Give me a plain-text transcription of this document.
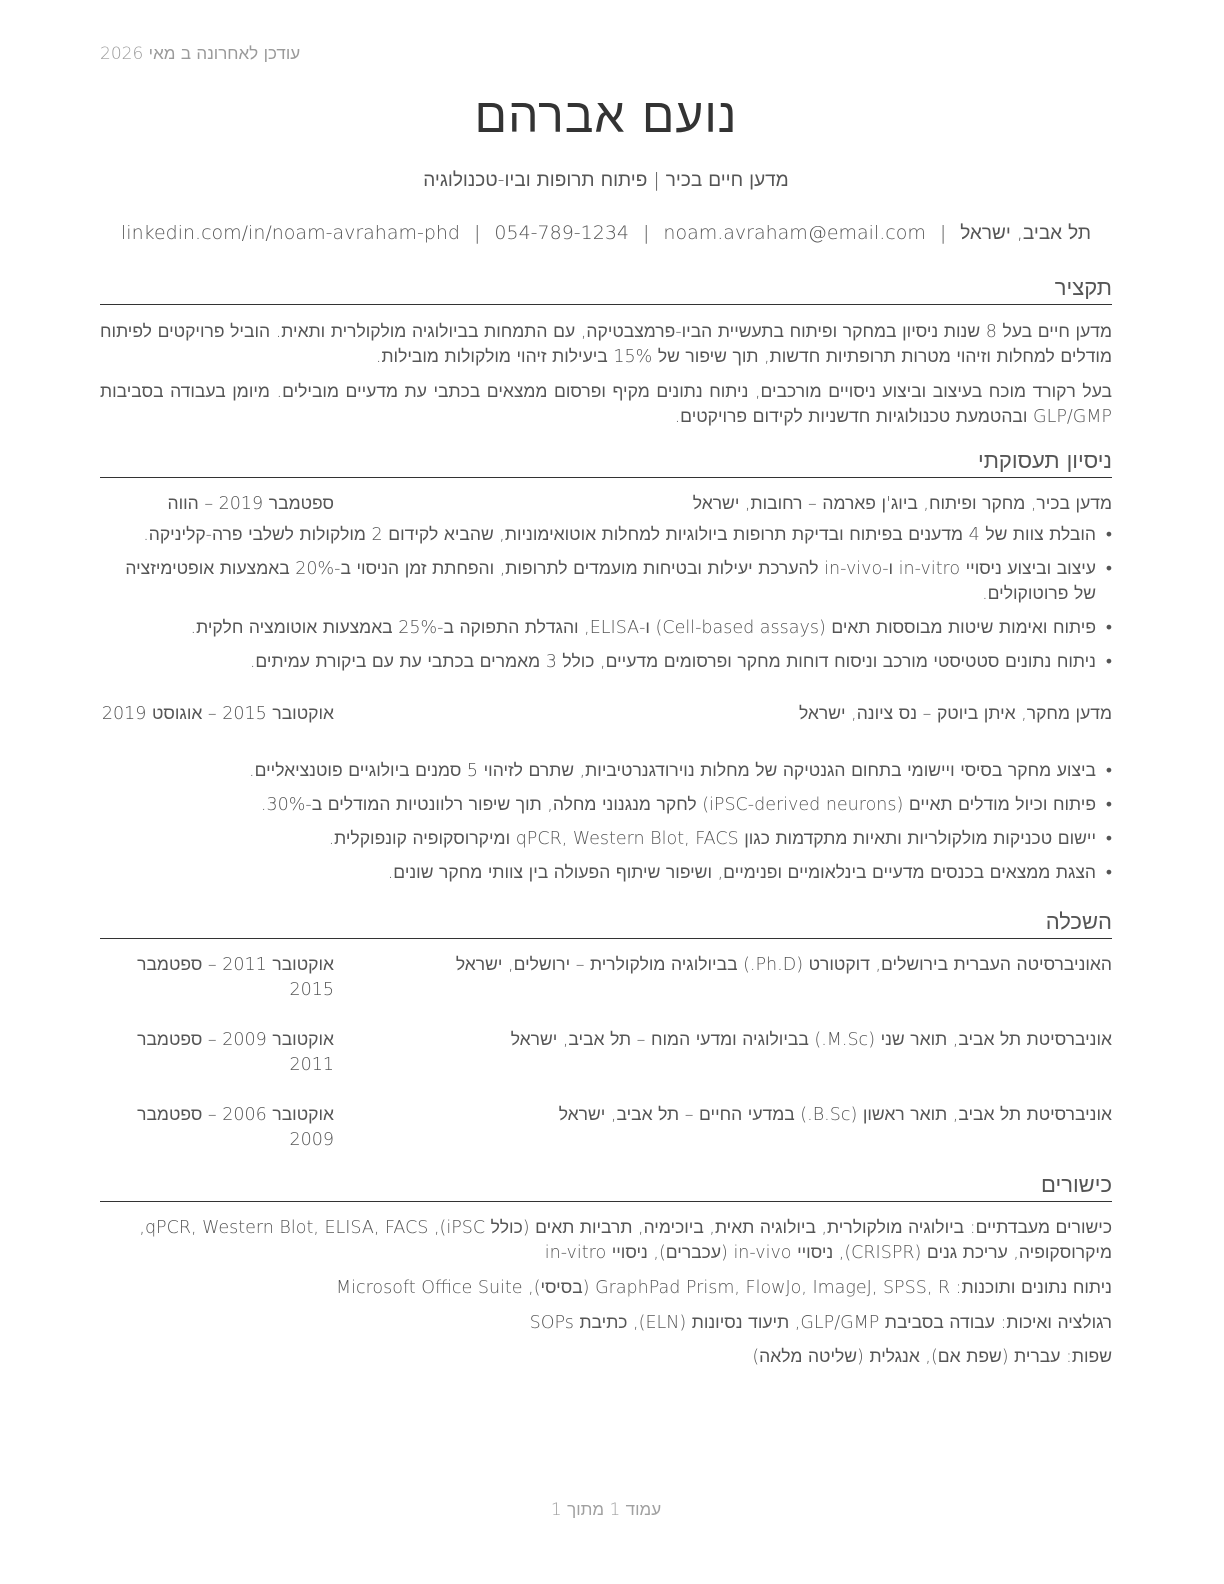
עודכן לאחרונה ב מאי 2026
נועם אברהם
מדען חיים בכיר | פיתוח תרופות וביו-טכנולוגיה
תל אביב, ישראל|noam.avraham@email.com|054-789-1234|linkedin.com/in/noam-avraham-phd
תקציר
מדען חיים בעל 8 שנות ניסיון במחקר ופיתוח בתעשיית הביו-פרמצבטיקה, עם התמחות בביולוגיה מולקולרית ותאית. הוביל פרויקטים לפיתוח מודלים למחלות וזיהוי מטרות תרופתיות חדשות, תוך שיפור של 15% ביעילות זיהוי מולקולות מובילות.
בעל רקורד מוכח בעיצוב וביצוע ניסויים מורכבים, ניתוח נתונים מקיף ופרסום ממצאים בכתבי עת מדעיים מובילים. מיומן בעבודה בסביבות GLP/GMP ובהטמעת טכנולוגיות חדשניות לקידום פרויקטים.
ניסיון תעסוקתי
מדען בכיר, מחקר ופיתוח, ביוג'ן פארמה – רחובות, ישראל
ספטמבר 2019 – הווה
• הובלת צוות של 4 מדענים בפיתוח ובדיקת תרופות ביולוגיות למחלות אוטואימוניות, שהביא לקידום 2 מולקולות לשלבי פרה-קליניקה.
• עיצוב וביצוע ניסויי in-vitro ו-in-vivo להערכת יעילות ובטיחות מועמדים לתרופות, והפחתת זמן הניסוי ב-20% באמצעות אופטימיזציה של פרוטוקולים.
• פיתוח ואימות שיטות מבוססות תאים (Cell-based assays) ו-ELISA, והגדלת התפוקה ב-25% באמצעות אוטומציה חלקית.
• ניתוח נתונים סטטיסטי מורכב וניסוח דוחות מחקר ופרסומים מדעיים, כולל 3 מאמרים בכתבי עת עם ביקורת עמיתים.
מדען מחקר, איתן ביוטק – נס ציונה, ישראל
אוקטובר 2015 – אוגוסט 2019
• ביצוע מחקר בסיסי ויישומי בתחום הגנטיקה של מחלות נוירודגנרטיביות, שתרם לזיהוי 5 סמנים ביולוגיים פוטנציאליים.
• פיתוח וכיול מודלים תאיים (iPSC-derived neurons) לחקר מנגנוני מחלה, תוך שיפור רלוונטיות המודלים ב-30%.
• יישום טכניקות מולקולריות ותאיות מתקדמות כגון qPCR, Western Blot, FACS ומיקרוסקופיה קונפוקלית.
• הצגת ממצאים בכנסים מדעיים בינלאומיים ופנימיים, ושיפור שיתוף הפעולה בין צוותי מחקר שונים.
השכלה
האוניברסיטה העברית בירושלים, דוקטורט (Ph.D.) בביולוגיה מולקולרית – ירושלים, ישראל
אוקטובר 2011 – ספטמבר 2015
אוניברסיטת תל אביב, תואר שני (M.Sc.) בביולוגיה ומדעי המוח – תל אביב, ישראל
אוקטובר 2009 – ספטמבר 2011
אוניברסיטת תל אביב, תואר ראשון (B.Sc.) במדעי החיים – תל אביב, ישראל
אוקטובר 2006 – ספטמבר 2009
כישורים
כישורים מעבדתיים: ביולוגיה מולקולרית, ביולוגיה תאית, ביוכימיה, תרביות תאים (כולל iPSC), qPCR, Western Blot, ELISA, FACS, מיקרוסקופיה, עריכת גנים (CRISPR), ניסויי in-vivo (עכברים), ניסויי in-vitro
ניתוח נתונים ותוכנות: GraphPad Prism, FlowJo, ImageJ, SPSS, R (בסיסי), Microsoft Office Suite
רגולציה ואיכות: עבודה בסביבת GLP/GMP, תיעוד נסיונות (ELN), כתיבת SOPs
שפות: עברית (שפת אם), אנגלית (שליטה מלאה)
עמוד 1 מתוך 1
